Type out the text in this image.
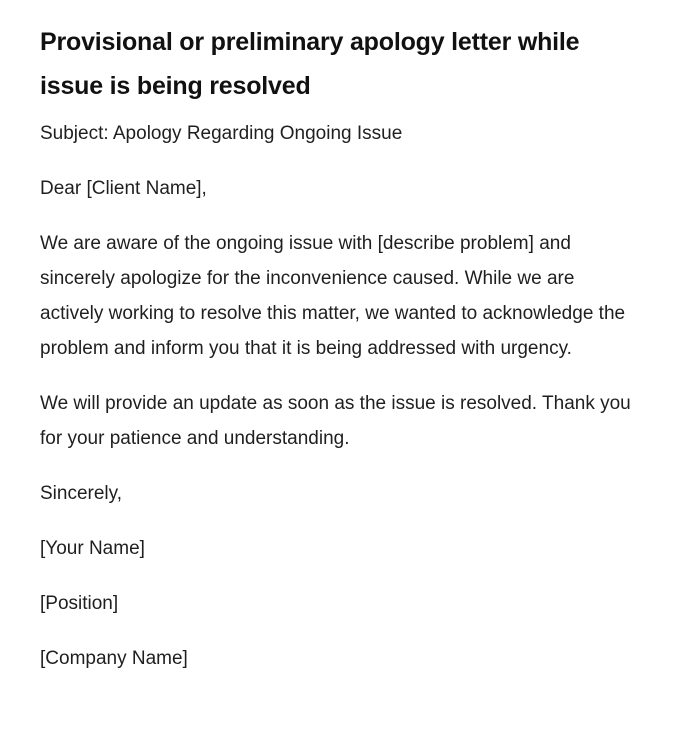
Provisional or preliminary apology letter while issue is being resolved

Subject: Apology Regarding Ongoing Issue

Dear [Client Name],

We are aware of the ongoing issue with [describe problem] and sincerely apologize for the inconvenience caused. While we are actively working to resolve this matter, we wanted to acknowledge the problem and inform you that it is being addressed with urgency.

We will provide an update as soon as the issue is resolved. Thank you for your patience and understanding.

Sincerely,

[Your Name]

[Position]

[Company Name]
